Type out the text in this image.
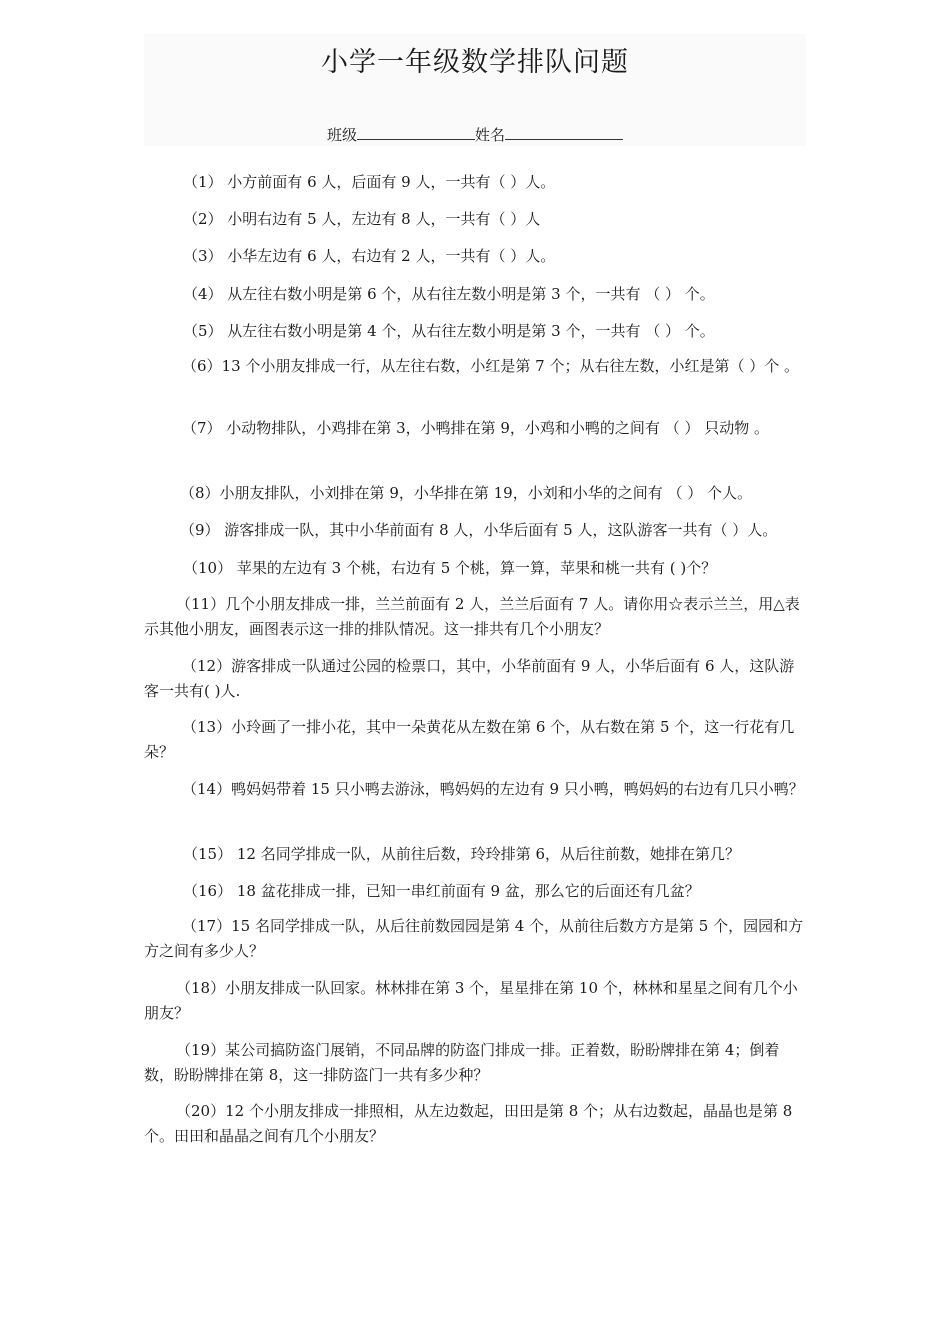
小学一年级数学排队问题
班级	姓名
（1） 小方前面有 6 人，后面有 9 人，一共有（ ）人。
（2） 小明右边有 5 人，左边有 8 人，一共有（ ）人
（3） 小华左边有 6 人，右边有 2 人，一共有（ ）人。
（4） 从左往右数小明是第 6 个，从右往左数小明是第 3 个，一共有 （ ） 个。
（5） 从左往右数小明是第 4 个，从右往左数小明是第 3 个，一共有 （ ） 个。
（6）13 个小朋友排成一行，从左往右数，小红是第 7 个；从右往左数，小红是第（ ）个 。
（7） 小动物排队，小鸡排在第 3，小鸭排在第 9，小鸡和小鸭的之间有 （ ） 只动物 。
（8）小朋友排队，小刘排在第 9，小华排在第 19，小刘和小华的之间有 （ ） 个人。
（9） 游客排成一队，其中小华前面有 8 人，小华后面有 5 人，这队游客一共有（ ）人。
（10） 苹果的左边有 3 个桃，右边有 5 个桃，算一算，苹果和桃一共有 ( )个？
（11）几个小朋友排成一排，兰兰前面有 2 人，兰兰后面有 7 人。请你用☆表示兰兰，用△表示其他小朋友，画图表示这一排的排队情况。这一排共有几个小朋友？
（12）游客排成一队通过公园的检票口，其中，小华前面有 9 人，小华后面有 6 人，这队游客一共有( )人.
（13）小玲画了一排小花，其中一朵黄花从左数在第 6 个，从右数在第 5 个，这一行花有几朵？
（14）鸭妈妈带着 15 只小鸭去游泳，鸭妈妈的左边有 9 只小鸭，鸭妈妈的右边有几只小鸭？
（15） 12 名同学排成一队，从前往后数，玲玲排第 6，从后往前数，她排在第几？
（16） 18 盆花排成一排，已知一串红前面有 9 盆，那么它的后面还有几盆？
（17）15 名同学排成一队，从后往前数园园是第 4 个，从前往后数方方是第 5 个，园园和方方之间有多少人？
（18）小朋友排成一队回家。林林排在第 3 个，星星排在第 10 个，林林和星星之间有几个小朋友？
（19）某公司搞防盗门展销，不同品牌的防盗门排成一排。正着数，盼盼牌排在第 4；倒着数，盼盼牌排在第 8，这一排防盗门一共有多少种？
（20）12 个小朋友排成一排照相，从左边数起，田田是第 8 个；从右边数起，晶晶也是第 8 个。田田和晶晶之间有几个小朋友？
